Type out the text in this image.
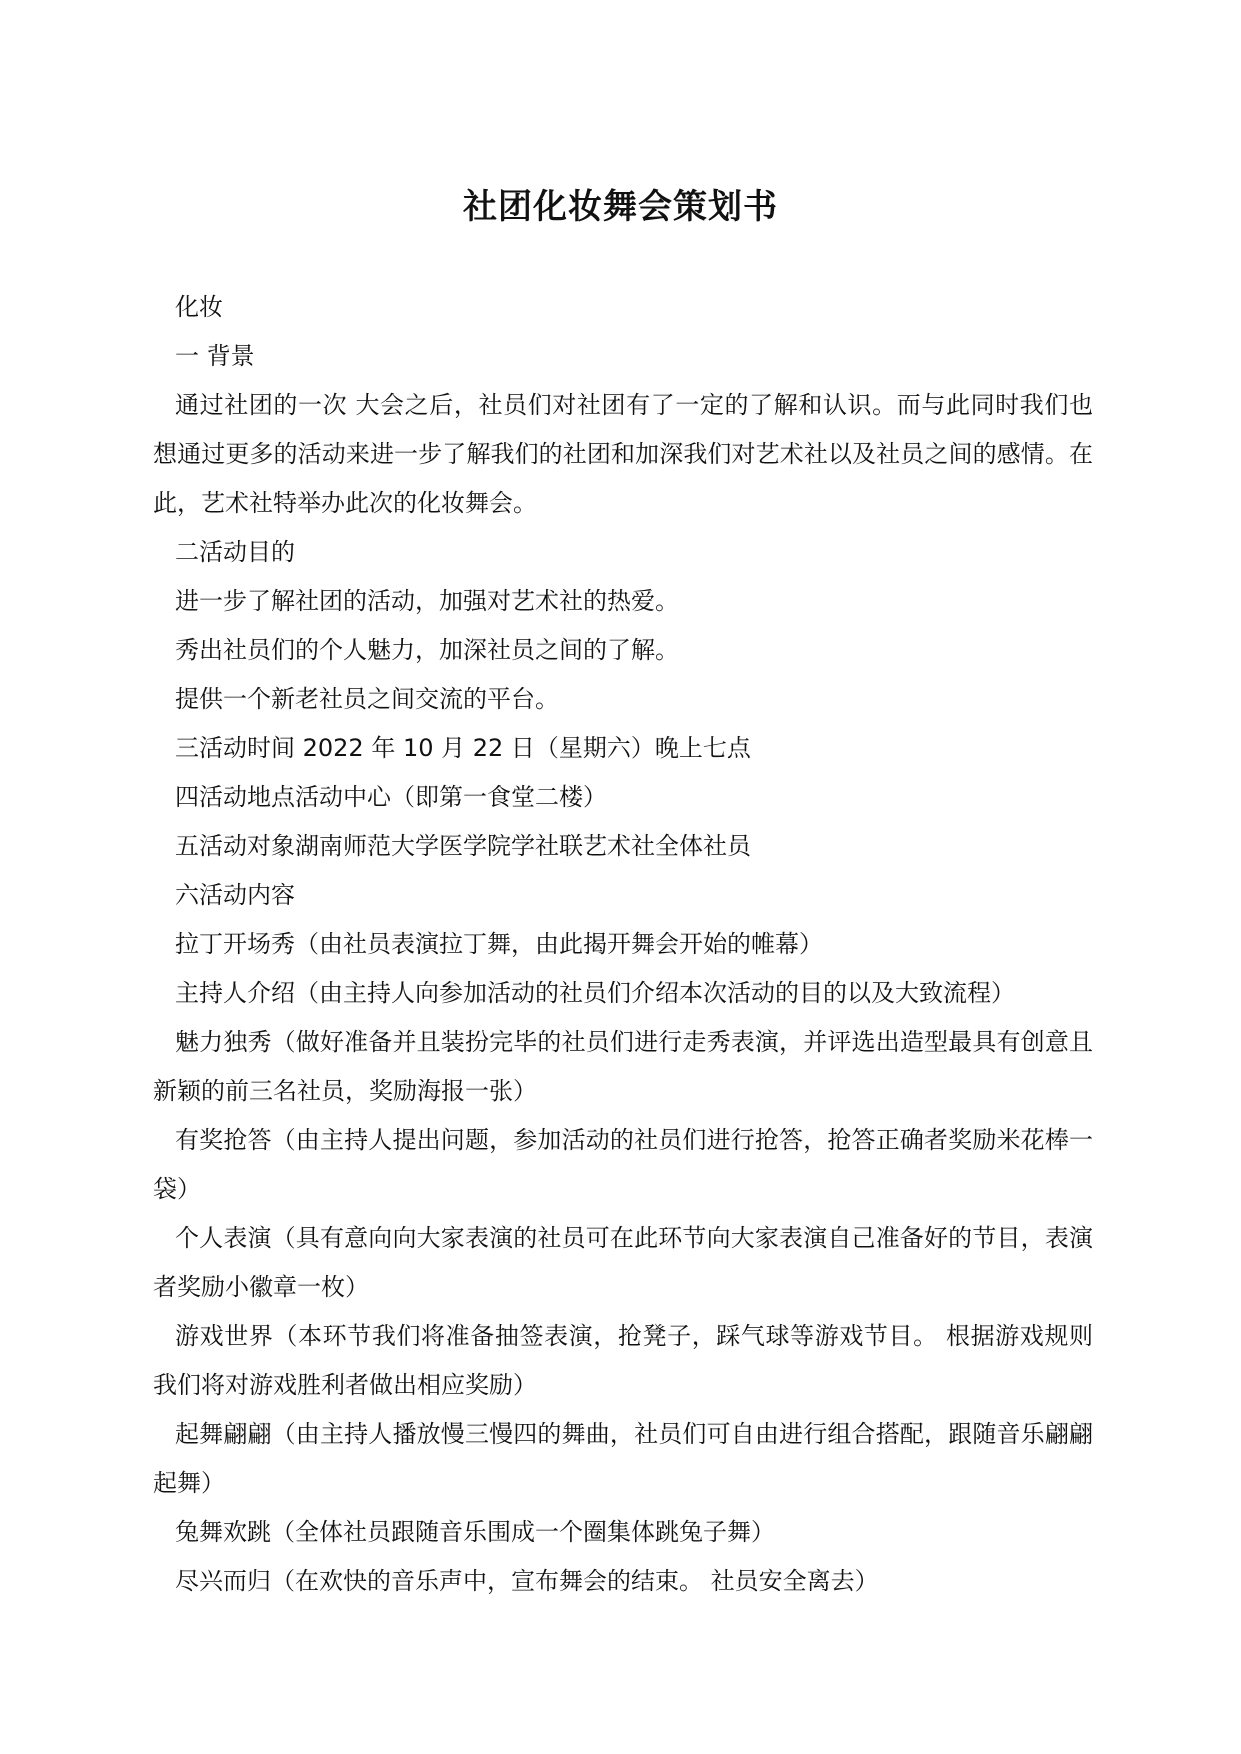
社团化妆舞会策划书

化妆

一 背景

通过社团的一次 大会之后，社员们对社团有了一定的了解和认识。而与此同时我们也想通过更多的活动来进一步了解我们的社团和加深我们对艺术社以及社员之间的感情。在此，艺术社特举办此次的化妆舞会。

二活动目的

进一步了解社团的活动，加强对艺术社的热爱。

秀出社员们的个人魅力，加深社员之间的了解。

提供一个新老社员之间交流的平台。

三活动时间 2022 年 10 月 22 日（星期六）晚上七点

四活动地点活动中心（即第一食堂二楼）

五活动对象湖南师范大学医学院学社联艺术社全体社员

六活动内容

拉丁开场秀（由社员表演拉丁舞，由此揭开舞会开始的帷幕）

主持人介绍（由主持人向参加活动的社员们介绍本次活动的目的以及大致流程）

魅力独秀（做好准备并且装扮完毕的社员们进行走秀表演，并评选出造型最具有创意且新颖的前三名社员，奖励海报一张）

有奖抢答（由主持人提出问题，参加活动的社员们进行抢答，抢答正确者奖励米花棒一袋）

个人表演（具有意向向大家表演的社员可在此环节向大家表演自己准备好的节目，表演者奖励小徽章一枚）

游戏世界（本环节我们将准备抽签表演，抢凳子，踩气球等游戏节目。 根据游戏规则我们将对游戏胜利者做出相应奖励）

起舞翩翩（由主持人播放慢三慢四的舞曲，社员们可自由进行组合搭配，跟随音乐翩翩起舞）

兔舞欢跳（全体社员跟随音乐围成一个圈集体跳兔子舞）

尽兴而归（在欢快的音乐声中，宣布舞会的结束。 社员安全离去）
